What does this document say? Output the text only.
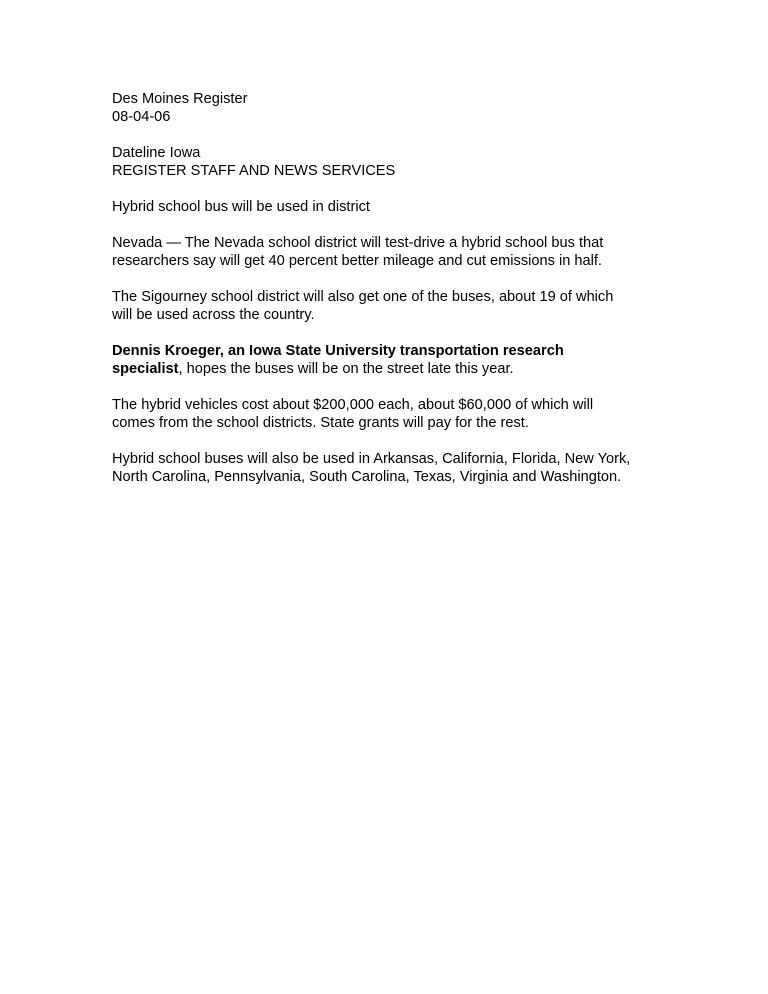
Des Moines Register
08-04-06
Dateline Iowa
REGISTER STAFF AND NEWS SERVICES
Hybrid school bus will be used in district
Nevada — The Nevada school district will test-drive a hybrid school bus that
researchers say will get 40 percent better mileage and cut emissions in half.
The Sigourney school district will also get one of the buses, about 19 of which
will be used across the country.
Dennis Kroeger, an Iowa State University transportation research
specialist, hopes the buses will be on the street late this year.
The hybrid vehicles cost about $200,000 each, about $60,000 of which will
comes from the school districts. State grants will pay for the rest.
Hybrid school buses will also be used in Arkansas, California, Florida, New York,
North Carolina, Pennsylvania, South Carolina, Texas, Virginia and Washington.
